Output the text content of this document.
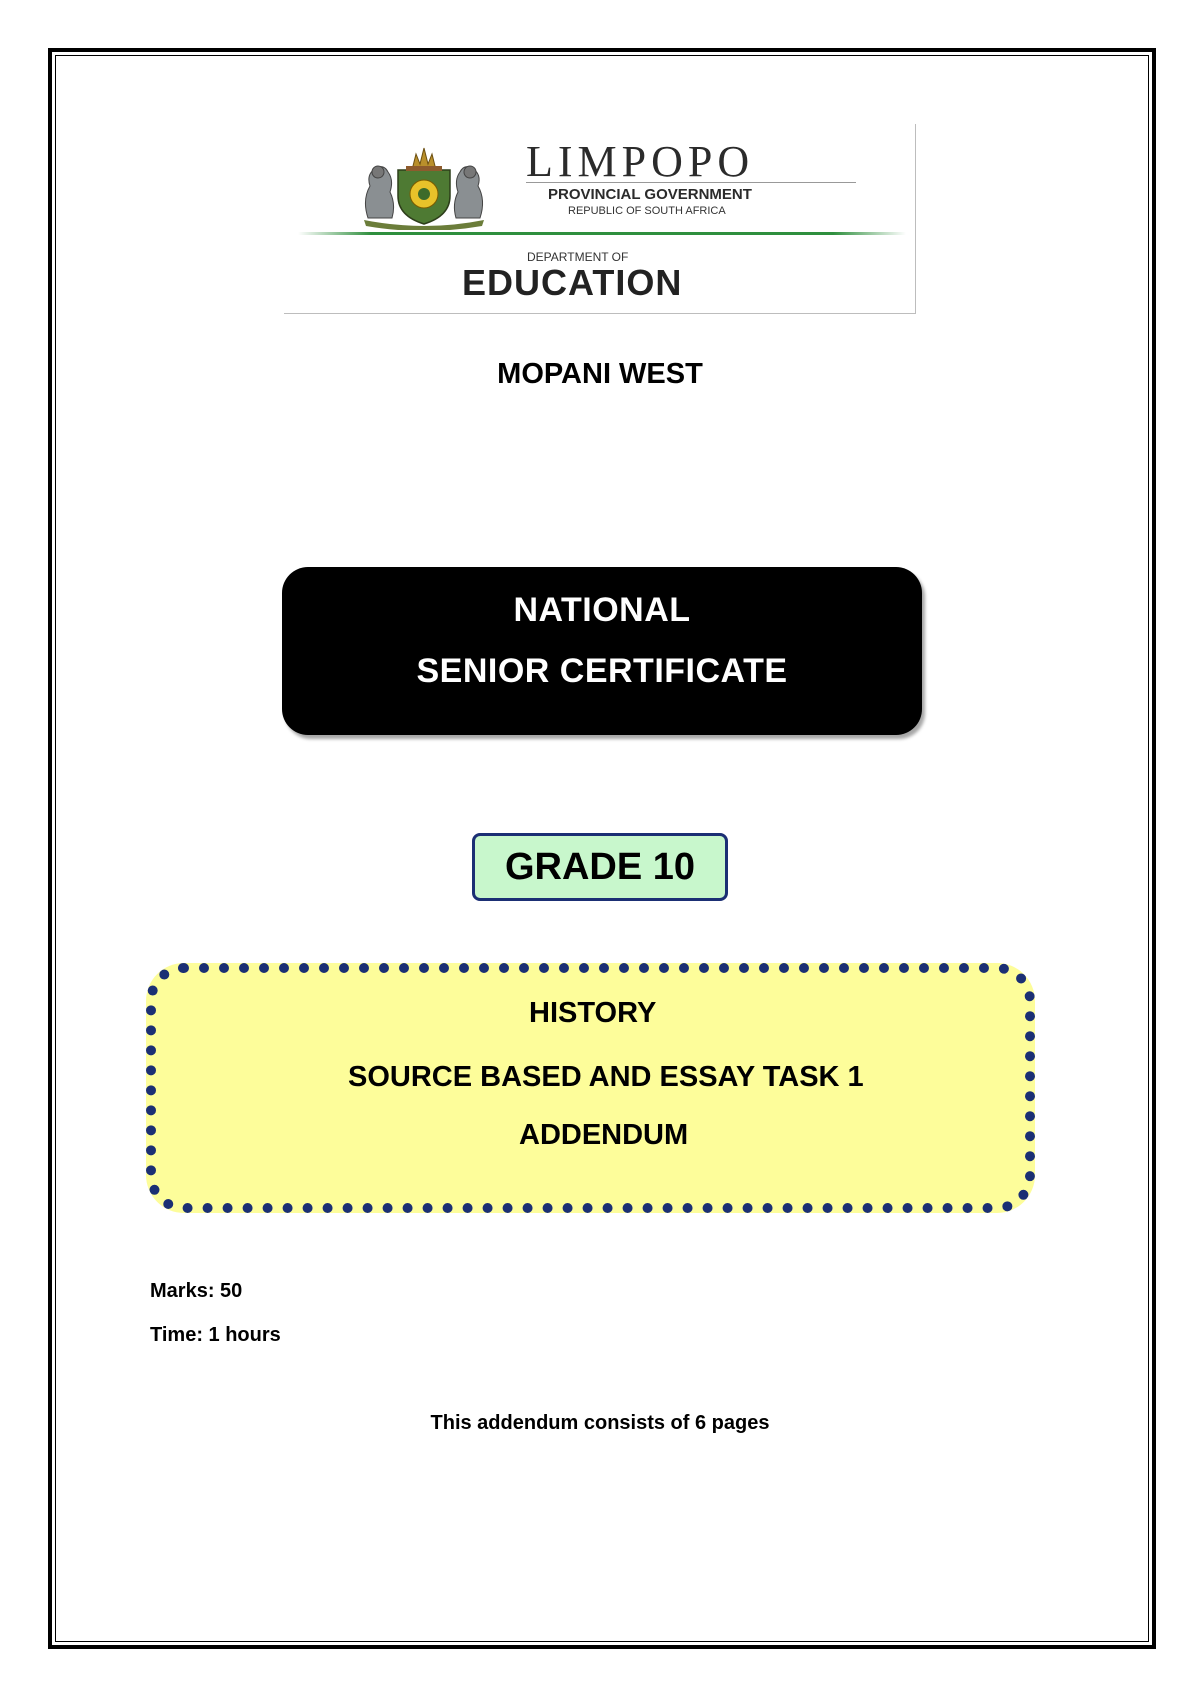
LIMPOPO
PROVINCIAL GOVERNMENT
REPUBLIC OF SOUTH AFRICA
DEPARTMENT OF
EDUCATION
MOPANI WEST
NATIONAL
SENIOR CERTIFICATE
GRADE 10
HISTORY
SOURCE BASED AND ESSAY TASK 1
ADDENDUM
Marks: 50
Time: 1 hours
This addendum consists of 6 pages
